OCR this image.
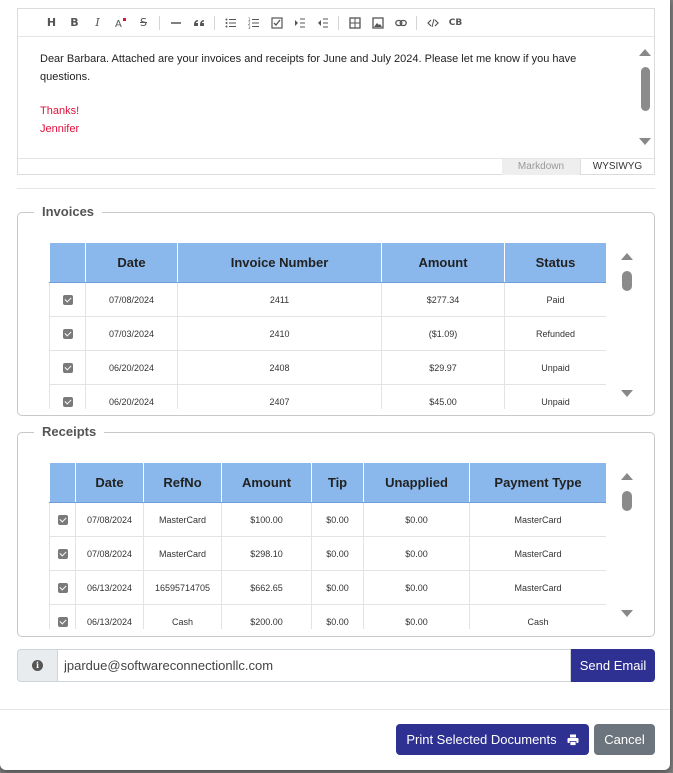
H	B	I	A	S	1
2
3	CB
Dear Barbara. Attached are your invoices and receipts for June and July 2024. Please let me know if you have
questions.
Thanks!
Jennifer
Markdown	WYSIWYG
Invoices
	Date	Invoice Number	Amount	Status
	07/08/2024	2411	$277.34	Paid
	07/03/2024	2410	($1.09)	Refunded
	06/20/2024	2408	$29.97	Unpaid
	06/20/2024	2407	$45.00	Unpaid
Receipts
	Date	RefNo	Amount	Tip	Unapplied	Payment Type
	07/08/2024	MasterCard	$100.00	$0.00	$0.00	MasterCard
	07/08/2024	MasterCard	$298.10	$0.00	$0.00	MasterCard
	06/13/2024	16595714705	$662.65	$0.00	$0.00	MasterCard
	06/13/2024	Cash	$200.00	$0.00	$0.00	Cash
i
jpardue@softwareconnectionllc.com	Send Email
Print Selected Documents	Cancel
